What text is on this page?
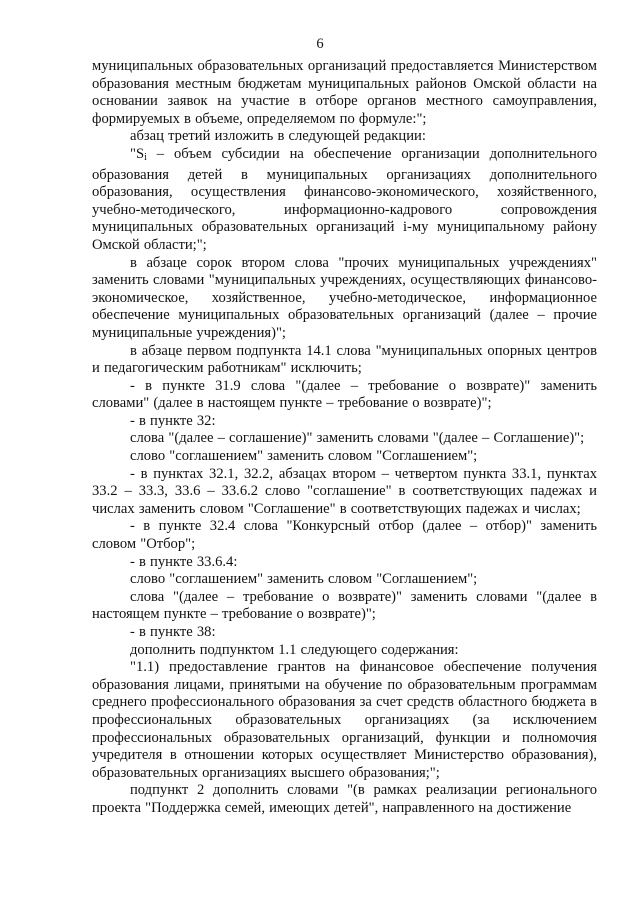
6

муниципальных образовательных организаций предоставляется Министерством образования местным бюджетам муниципальных районов Омской области на основании заявок на участие в отборе органов местного самоуправления, формируемых в объеме, определяемом по формуле:";

абзац третий изложить в следующей редакции:

"$S_i$ – объем субсидии на обеспечение организации дополнительного образования детей в муниципальных организациях дополнительного образования, осуществления финансово-экономического, хозяйственного, учебно-методического, информационно-кадрового сопровождения муниципальных образовательных организаций i-му муниципальному району Омской области;";

в абзаце сорок втором слова "прочих муниципальных учреждениях" заменить словами "муниципальных учреждениях, осуществляющих финансово-экономическое, хозяйственное, учебно-методическое, информационное обеспечение муниципальных образовательных организаций (далее – прочие муниципальные учреждения)";

в абзаце первом подпункта 14.1 слова "муниципальных опорных центров и педагогическим работникам" исключить;

- в пункте 31.9 слова "(далее – требование о возврате)" заменить словами" (далее в настоящем пункте – требование о возврате)";

- в пункте 32:

слова "(далее – соглашение)" заменить словами "(далее – Соглашение)";

слово "соглашением" заменить словом "Соглашением";

- в пунктах 32.1, 32.2, абзацах втором – четвертом пункта 33.1, пунктах 33.2 – 33.3, 33.6 – 33.6.2 слово "соглашение" в соответствующих падежах и числах заменить словом "Соглашение" в соответствующих падежах и числах;

- в пункте 32.4 слова "Конкурсный отбор (далее – отбор)" заменить словом "Отбор";

- в пункте 33.6.4:

слово "соглашением" заменить словом "Соглашением";

слова "(далее – требование о возврате)" заменить словами "(далее в настоящем пункте – требование о возврате)";

- в пункте 38:

дополнить подпунктом 1.1 следующего содержания:

"1.1) предоставление грантов на финансовое обеспечение получения образования лицами, принятыми на обучение по образовательным программам среднего профессионального образования за счет средств областного бюджета в профессиональных образовательных организациях (за исключением профессиональных образовательных организаций, функции и полномочия учредителя в отношении которых осуществляет Министерство образования), образовательных организациях высшего образования;";

подпункт 2 дополнить словами "(в рамках реализации регионального проекта "Поддержка семей, имеющих детей", направленного на достижение
